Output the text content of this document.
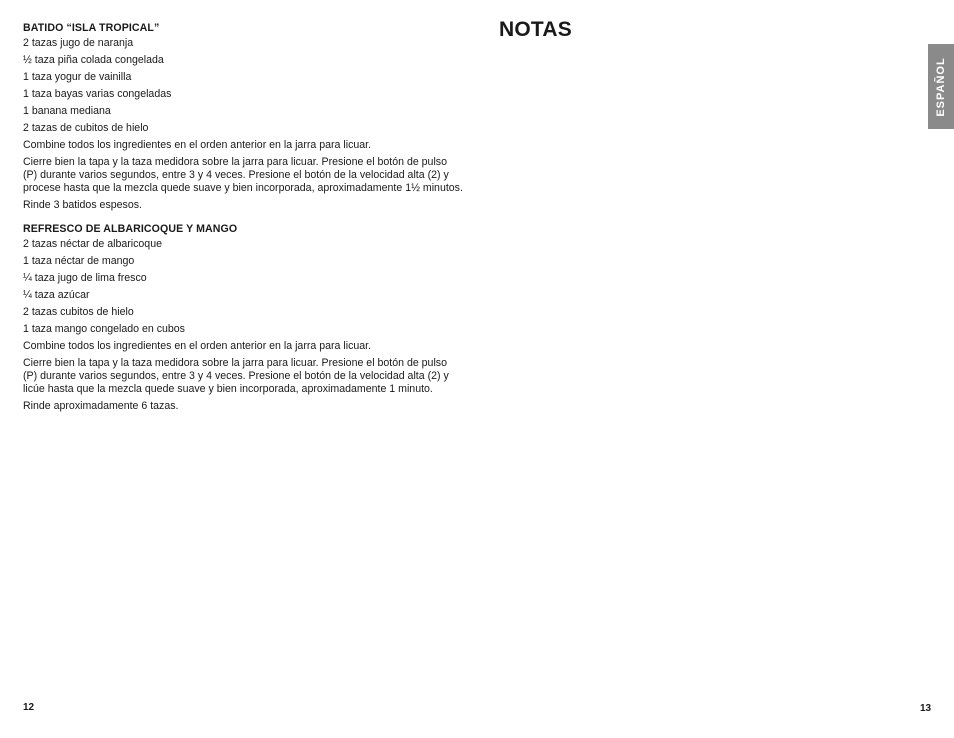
BATIDO “ISLA TROPICAL”
2 tazas jugo de naranja
½ taza piña colada congelada
1 taza yogur de vainilla
1 taza bayas varias congeladas
1 banana mediana
2 tazas de cubitos de hielo
Combine todos los ingredientes en el orden anterior en la jarra para licuar.
Cierre bien la tapa y la taza medidora sobre la jarra para licuar. Presione el botón de pulso (P) durante varios segundos, entre 3 y 4 veces. Presione el botón de la velocidad alta (2) y procese hasta que la mezcla quede suave y bien incorporada, aproximadamente 1½ minutos.
Rinde 3 batidos espesos.
REFRESCO DE ALBARICOQUE Y MANGO
2 tazas néctar de albaricoque
1 taza néctar de mango
¼ taza jugo de lima fresco
¼ taza azúcar
2 tazas cubitos de hielo
1 taza mango congelado en cubos
Combine todos los ingredientes en el orden anterior en la jarra para licuar.
Cierre bien la tapa y la taza medidora sobre la jarra para licuar. Presione el botón de pulso (P) durante varios segundos, entre 3 y 4 veces. Presione el botón de la velocidad alta (2) y licúe hasta que la mezcla quede suave y bien incorporada, aproximadamente 1 minuto.
Rinde aproximadamente 6 tazas.
NOTAS
ESPAÑOL
12	13
